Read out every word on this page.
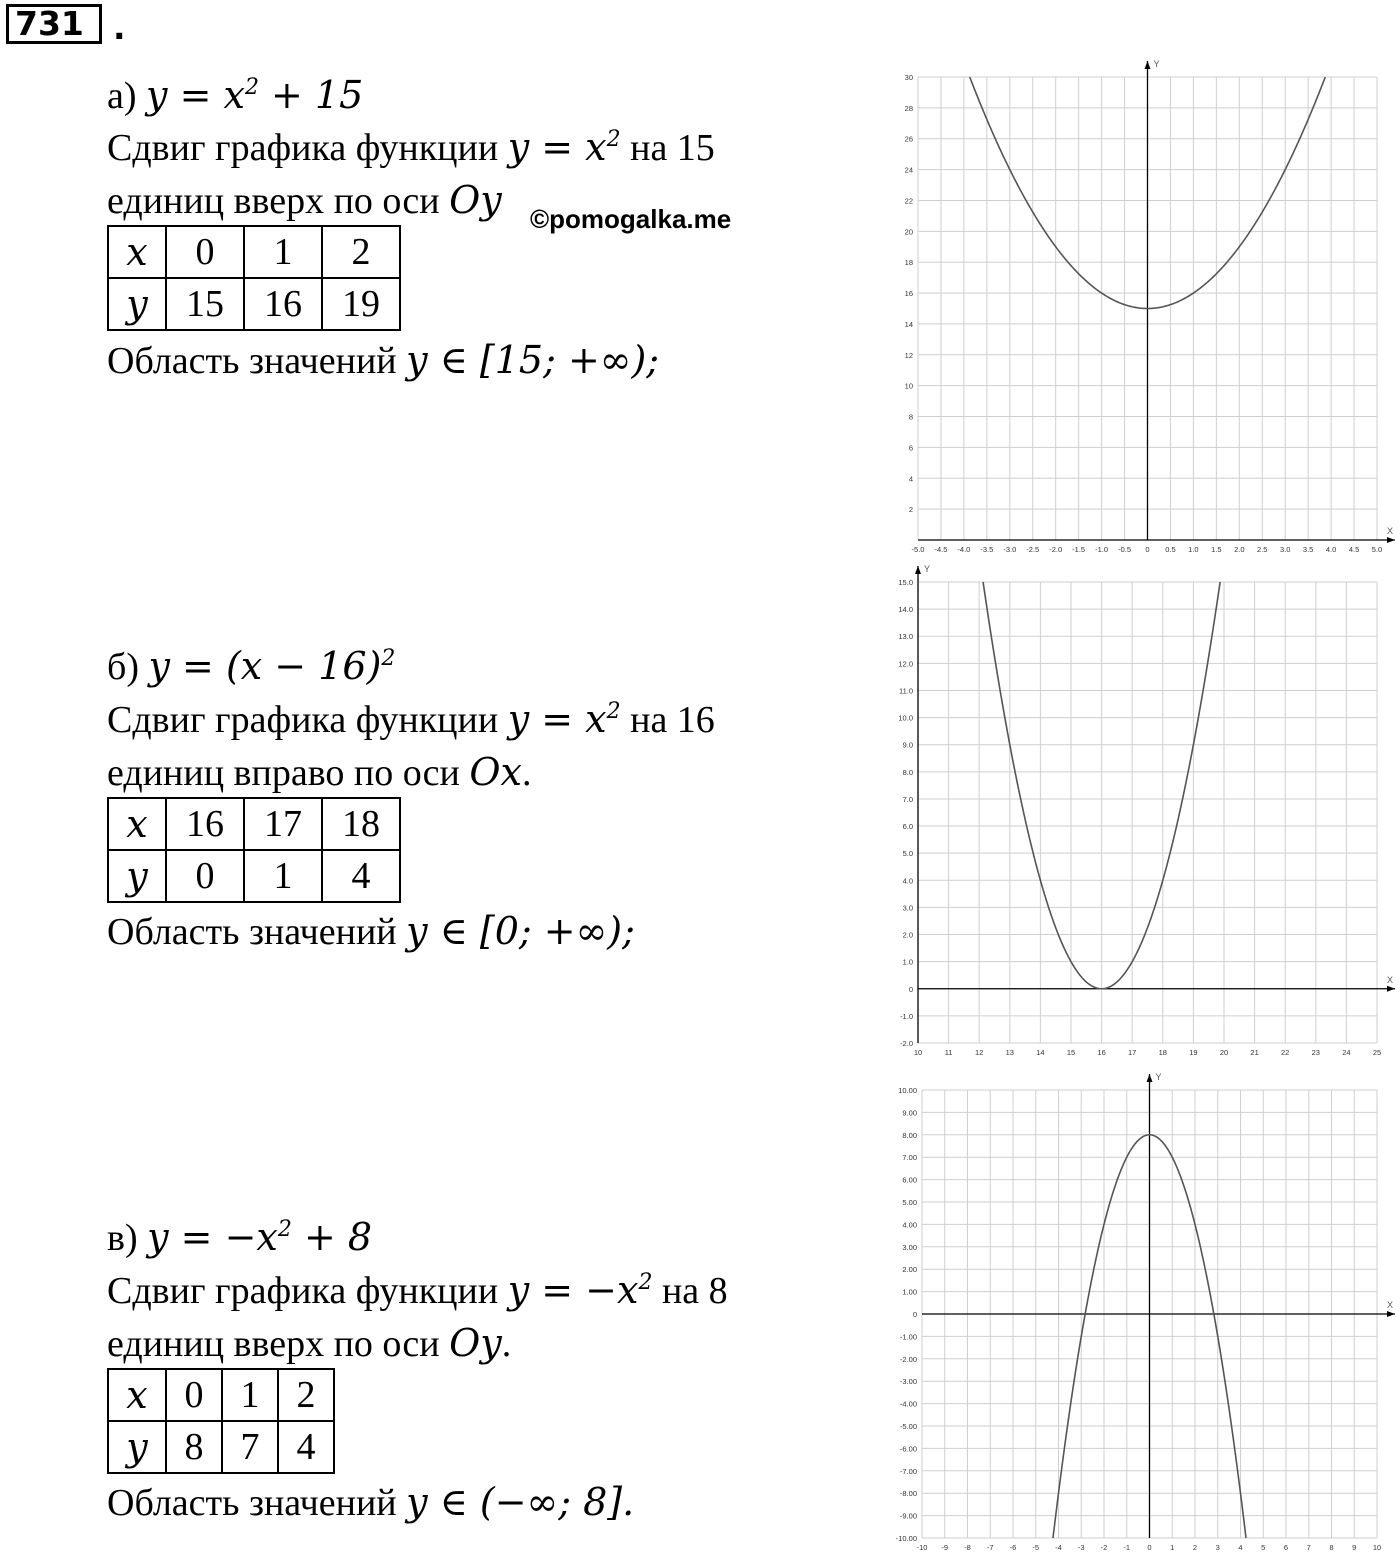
731 .
а) $y = x^2 + 15$
Сдвиг графика функции $y = x^2$ на 15
единиц вверх по оси Oy ©pomogalka.me
x	0	1	2
y	15	16	19
Область значений y ∈ [15; +∞);
б) $y = (x - 16)^2$
Сдвиг графика функции $y = x^2$ на 16
единиц вправо по оси Ox.
x	16	17	18
y	0	1	4
Область значений y ∈ [0; +∞);
в) $y = -x^2 + 8$
Сдвиг графика функции $y = -x^2$ на 8
единиц вверх по оси Oy.
x	0	1	2
y	8	7	4
Область значений y ∈ (−∞; 8].
X
Y
-5.0 -4.5 -4.0 -3.5 -3.0 -2.5 -2.0 -1.5 -1.0 -0.5 0 0.5 1.0 1.5 2.0 2.5 3.0 3.5 4.0 4.5 5.0
2
4
6
8
10
12
14
16
18
20
22
24
26
28
30
X
Y
10	11	12	13	14	15	16	17	18	19	20	21	22	23	24	25
-2.0
-1.0
0
1.0
2.0
3.0
4.0
5.0
6.0
7.0
8.0
9.0
10.0
11.0
12.0
13.0
14.0
15.0
X
Y
-10 -9 -8 -7 -6 -5 -4 -3 -2 -1 0 1 2 3 4 5 6 7 8 9 10
-10.00
-9.00
-8.00
-7.00
-6.00
-5.00
-4.00
-3.00
-2.00
-1.00
0
1.00
2.00
3.00
4.00
5.00
6.00
7.00
8.00
9.00
10.00
